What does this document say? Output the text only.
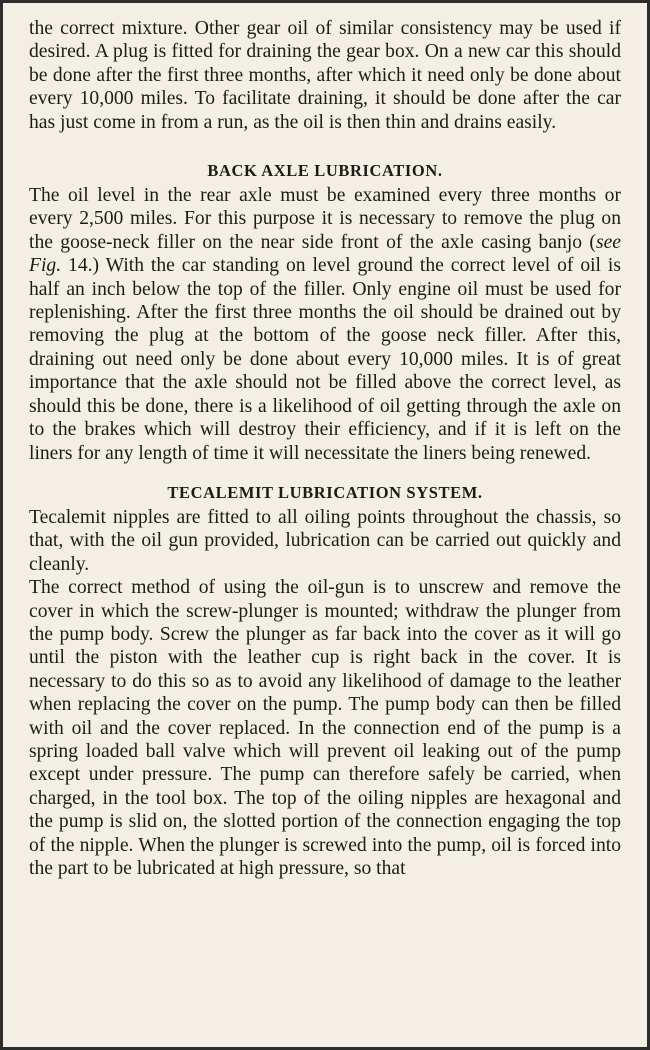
the correct mixture. Other gear oil of similar consistency may be used if desired. A plug is fitted for draining the gear box. On a new car this should be done after the first three months, after which it need only be done about every 10,000 miles. To facilitate draining, it should be done after the car has just come in from a run, as the oil is then thin and drains easily.

BACK AXLE LUBRICATION.

The oil level in the rear axle must be examined every three months or every 2,500 miles. For this purpose it is necessary to remove the plug on the goose-neck filler on the near side front of the axle casing banjo (see Fig. 14.) With the car standing on level ground the correct level of oil is half an inch below the top of the filler. Only engine oil must be used for replenishing. After the first three months the oil should be drained out by removing the plug at the bottom of the goose neck filler. After this, draining out need only be done about every 10,000 miles. It is of great importance that the axle should not be filled above the correct level, as should this be done, there is a likelihood of oil getting through the axle on to the brakes which will destroy their efficiency, and if it is left on the liners for any length of time it will necessitate the liners being renewed.

TECALEMIT LUBRICATION SYSTEM.

Tecalemit nipples are fitted to all oiling points throughout the chassis, so that, with the oil gun provided, lubrication can be carried out quickly and cleanly.

The correct method of using the oil-gun is to unscrew and remove the cover in which the screw-plunger is mounted; withdraw the plunger from the pump body. Screw the plunger as far back into the cover as it will go until the piston with the leather cup is right back in the cover. It is necessary to do this so as to avoid any likelihood of damage to the leather when replacing the cover on the pump. The pump body can then be filled with oil and the cover replaced. In the connection end of the pump is a spring loaded ball valve which will prevent oil leaking out of the pump except under pressure. The pump can therefore safely be carried, when charged, in the tool box. The top of the oiling nipples are hexagonal and the pump is slid on, the slotted portion of the connection engaging the top of the nipple. When the plunger is screwed into the pump, oil is forced into the part to be lubricated at high pressure, so that
